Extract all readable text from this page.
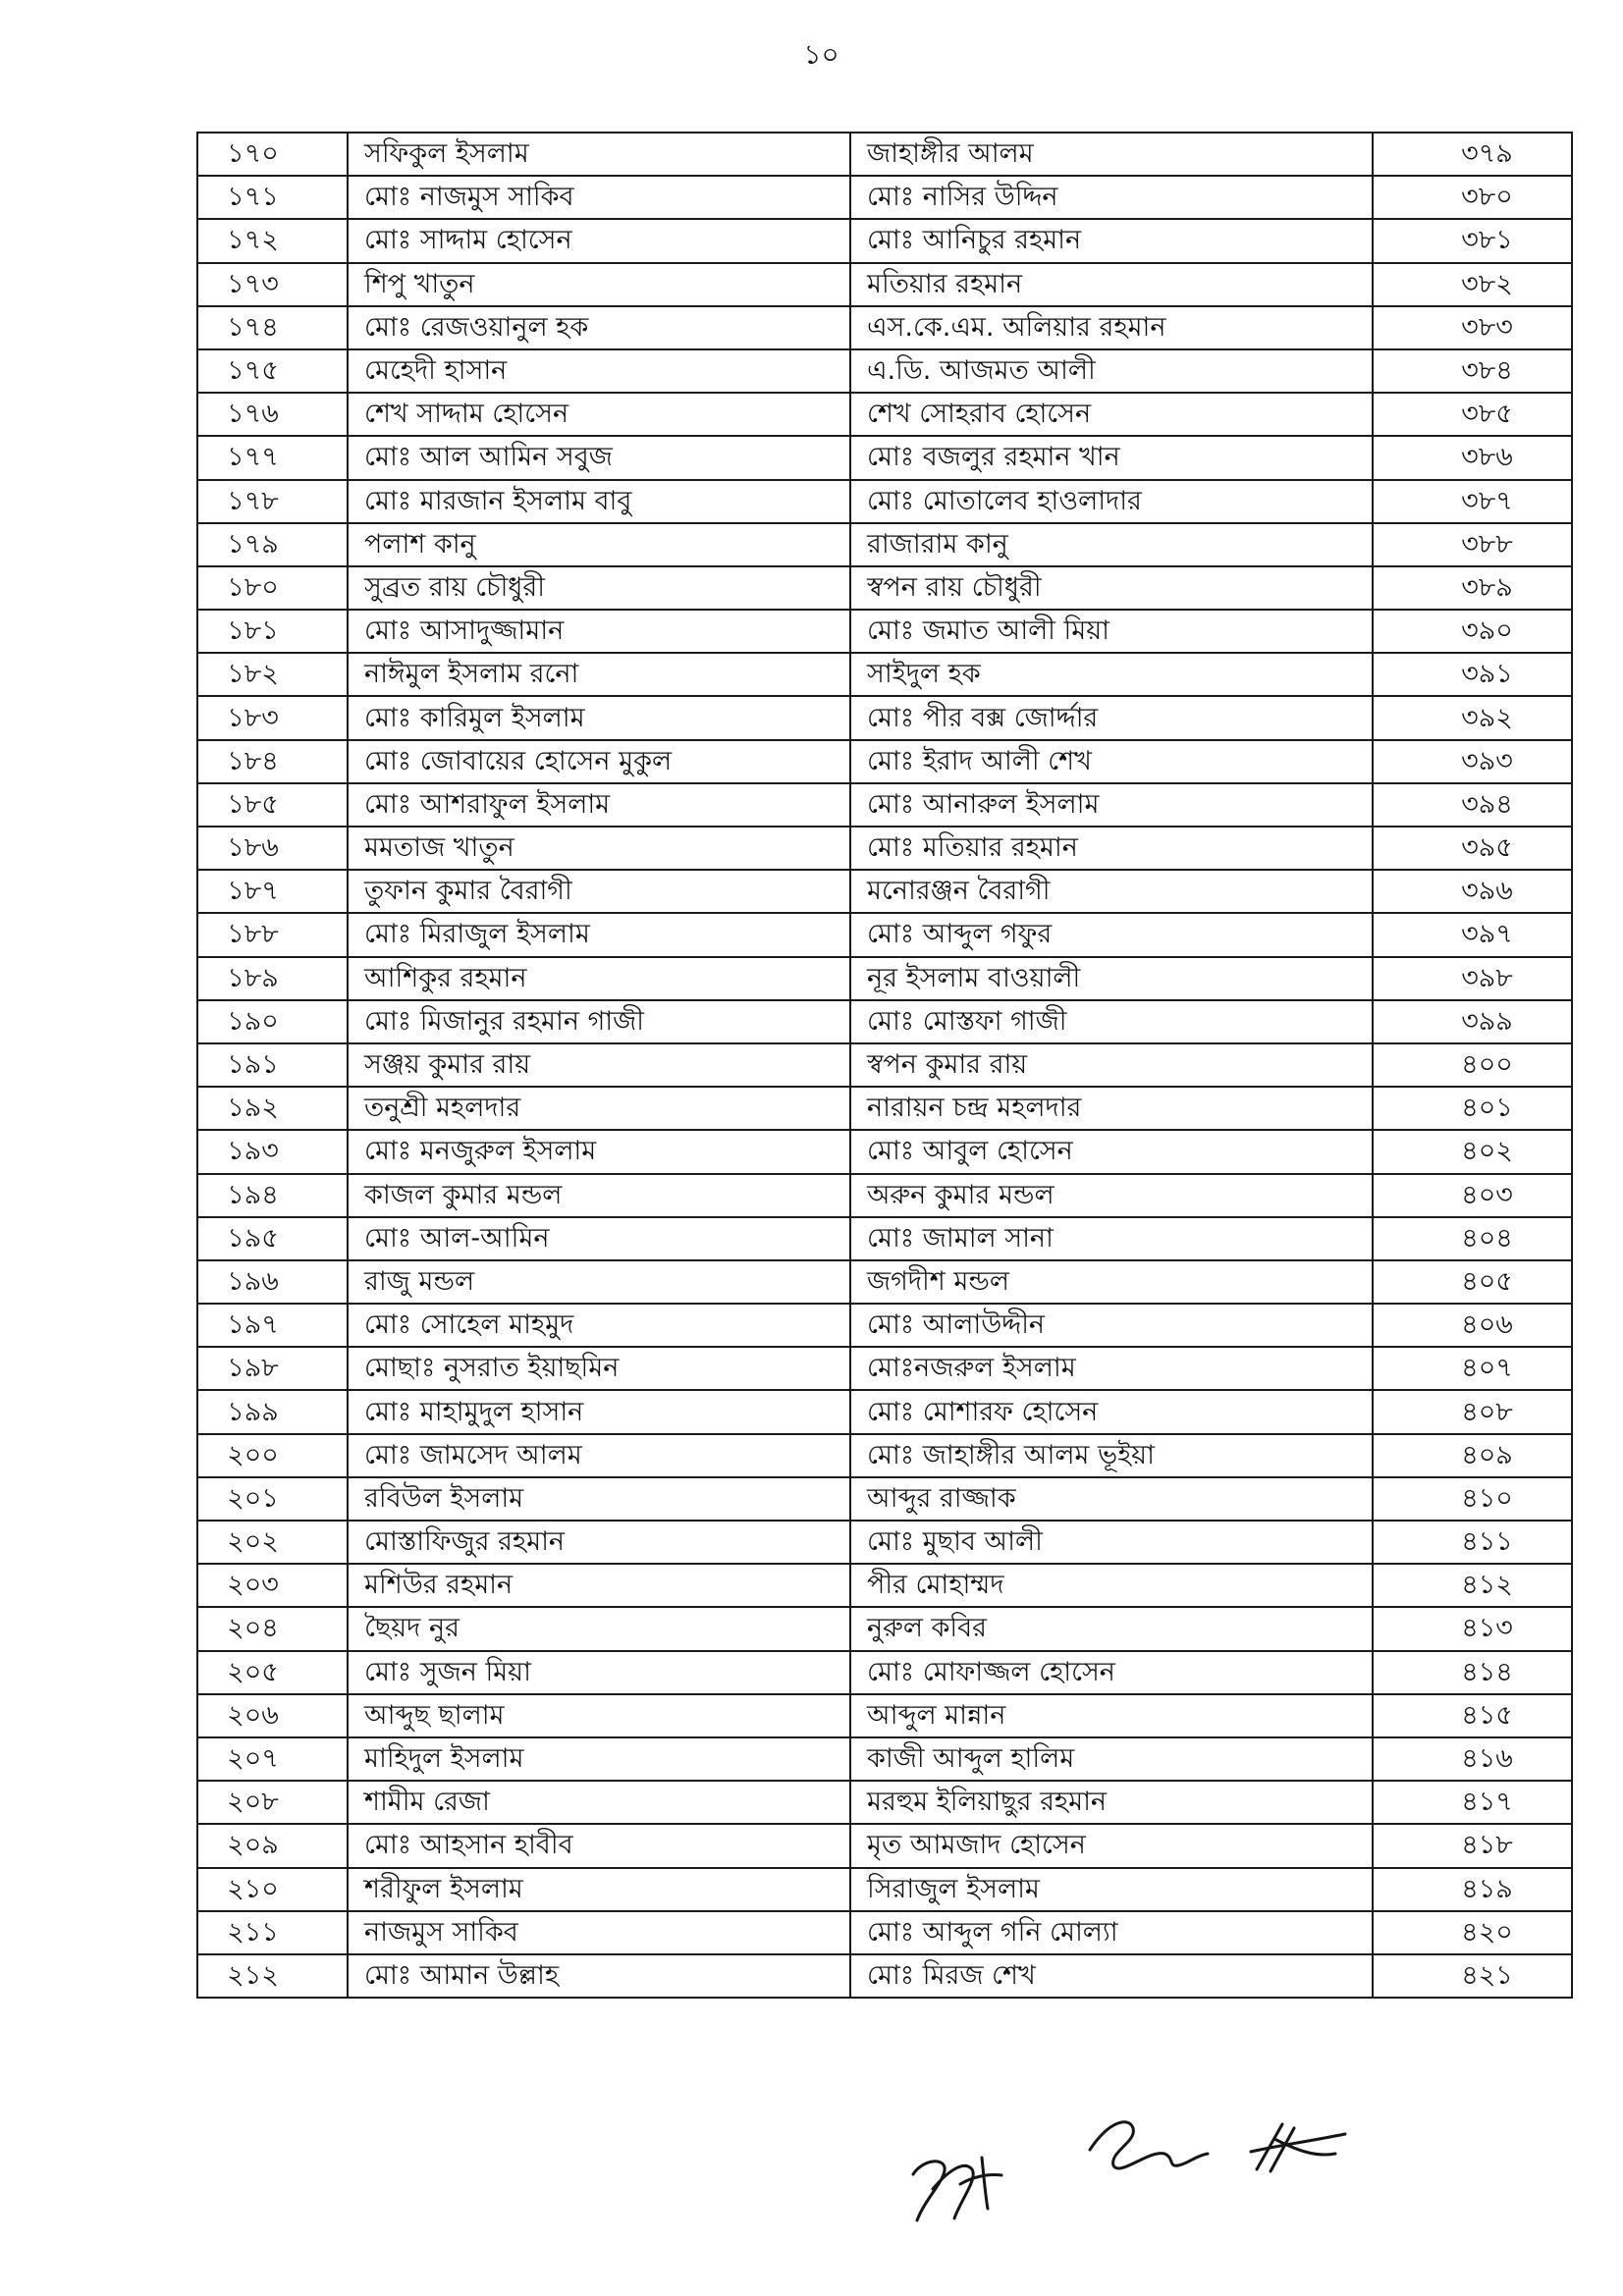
১০
১৭০	সফিকুল ইসলাম	জাহাঙ্গীর আলম	৩৭৯
১৭১	মোঃ নাজমুস সাকিব	মোঃ নাসির উদ্দিন	৩৮০
১৭২	মোঃ সাদ্দাম হোসেন	মোঃ আনিচুর রহমান	৩৮১
১৭৩	শিপু খাতুন	মতিয়ার রহমান	৩৮২
১৭৪	মোঃ রেজওয়ানুল হক	এস.কে.এম. অলিয়ার রহমান	৩৮৩
১৭৫	মেহেদী হাসান	এ.ডি. আজমত আলী	৩৮৪
১৭৬	শেখ সাদ্দাম হোসেন	শেখ সোহরাব হোসেন	৩৮৫
১৭৭	মোঃ আল আমিন সবুজ	মোঃ বজলুর রহমান খান	৩৮৬
১৭৮	মোঃ মারজান ইসলাম বাবু	মোঃ মোতালেব হাওলাদার	৩৮৭
১৭৯	পলাশ কানু	রাজারাম কানু	৩৮৮
১৮০	সুব্রত রায় চৌধুরী	স্বপন রায় চৌধুরী	৩৮৯
১৮১	মোঃ আসাদুজ্জামান	মোঃ জমাত আলী মিয়া	৩৯০
১৮২	নাঈমুল ইসলাম রনো	সাইদুল হক	৩৯১
১৮৩	মোঃ কারিমুল ইসলাম	মোঃ পীর বক্স জোর্দ্দার	৩৯২
১৮৪	মোঃ জোবায়ের হোসেন মুকুল	মোঃ ইরাদ আলী শেখ	৩৯৩
১৮৫	মোঃ আশরাফুল ইসলাম	মোঃ আনারুল ইসলাম	৩৯৪
১৮৬	মমতাজ খাতুন	মোঃ মতিয়ার রহমান	৩৯৫
১৮৭	তুফান কুমার বৈরাগী	মনোরঞ্জন বৈরাগী	৩৯৬
১৮৮	মোঃ মিরাজুল ইসলাম	মোঃ আব্দুল গফুর	৩৯৭
১৮৯	আশিকুর রহমান	নূর ইসলাম বাওয়ালী	৩৯৮
১৯০	মোঃ মিজানুর রহমান গাজী	মোঃ মোস্তফা গাজী	৩৯৯
১৯১	সঞ্জয় কুমার রায়	স্বপন কুমার রায়	৪০০
১৯২	তনুশ্রী মহলদার	নারায়ন চন্দ্র মহলদার	৪০১
১৯৩	মোঃ মনজুরুল ইসলাম	মোঃ আবুল হোসেন	৪০২
১৯৪	কাজল কুমার মন্ডল	অরুন কুমার মন্ডল	৪০৩
১৯৫	মোঃ আল-আমিন	মোঃ জামাল সানা	৪০৪
১৯৬	রাজু মন্ডল	জগদীশ মন্ডল	৪০৫
১৯৭	মোঃ সোহেল মাহমুদ	মোঃ আলাউদ্দীন	৪০৬
১৯৮	মোছাঃ নুসরাত ইয়াছমিন	মোঃনজরুল ইসলাম	৪০৭
১৯৯	মোঃ মাহামুদুল হাসান	মোঃ মোশারফ হোসেন	৪০৮
২০০	মোঃ জামসেদ আলম	মোঃ জাহাঙ্গীর আলম ভূইয়া	৪০৯
২০১	রবিউল ইসলাম	আব্দুর রাজ্জাক	৪১০
২০২	মোস্তাফিজুর রহমান	মোঃ মুছাব আলী	৪১১
২০৩	মশিউর রহমান	পীর মোহাম্মদ	৪১২
২০৪	ছৈয়দ নুর	নুরুল কবির	৪১৩
২০৫	মোঃ সুজন মিয়া	মোঃ মোফাজ্জল হোসেন	৪১৪
২০৬	আব্দুছ ছালাম	আব্দুল মান্নান	৪১৫
২০৭	মাহিদুল ইসলাম	কাজী আব্দুল হালিম	৪১৬
২০৮	শামীম রেজা	মরহুম ইলিয়াছুর রহমান	৪১৭
২০৯	মোঃ আহসান হাবীব	মৃত আমজাদ হোসেন	৪১৮
২১০	শরীফুল ইসলাম	সিরাজুল ইসলাম	৪১৯
২১১	নাজমুস সাকিব	মোঃ আব্দুল গনি মোল্যা	৪২০
২১২	মোঃ আমান উল্লাহ	মোঃ মিরজ শেখ	৪২১
